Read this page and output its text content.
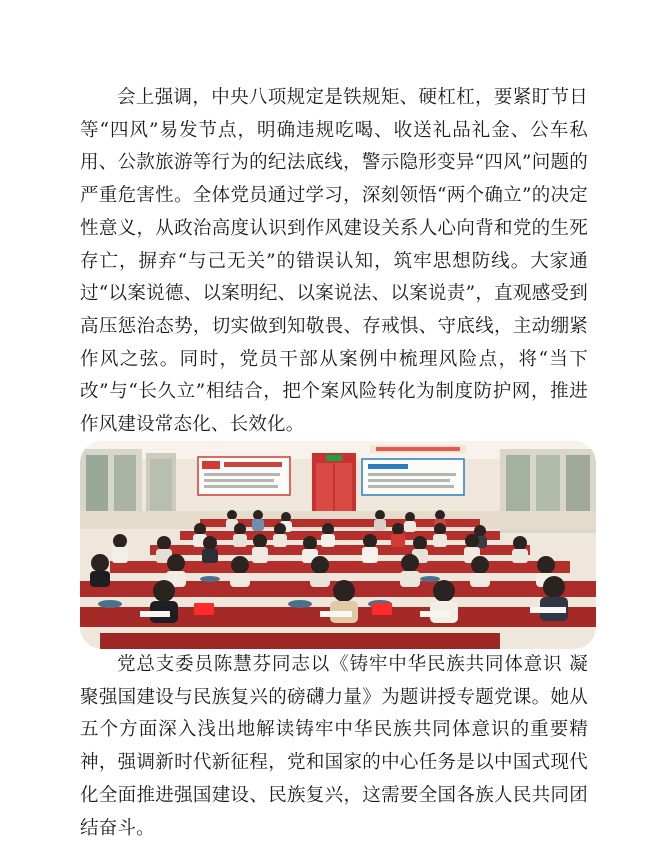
会上强调，中央八项规定是铁规矩、硬杠杠，要紧盯节日等“四风”易发节点，明确违规吃喝、收送礼品礼金、公车私用、公款旅游等行为的纪法底线，警示隐形变异“四风”问题的严重危害性。全体党员通过学习，深刻领悟“两个确立”的决定性意义，从政治高度认识到作风建设关系人心向背和党的生死存亡，摒弃“与己无关”的错误认知，筑牢思想防线。大家通过“以案说德、以案明纪、以案说法、以案说责”，直观感受到高压惩治态势，切实做到知敬畏、存戒惧、守底线，主动绷紧作风之弦。同时，党员干部从案例中梳理风险点，将“当下改”与“长久立”相结合，把个案风险转化为制度防护网，推进作风建设常态化、长效化。

党总支委员陈慧芬同志以《铸牢中华民族共同体意识 凝聚强国建设与民族复兴的磅礴力量》为题讲授专题党课。她从五个方面深入浅出地解读铸牢中华民族共同体意识的重要精神，强调新时代新征程，党和国家的中心任务是以中国式现代化全面推进强国建设、民族复兴，这需要全国各族人民共同团结奋斗。
